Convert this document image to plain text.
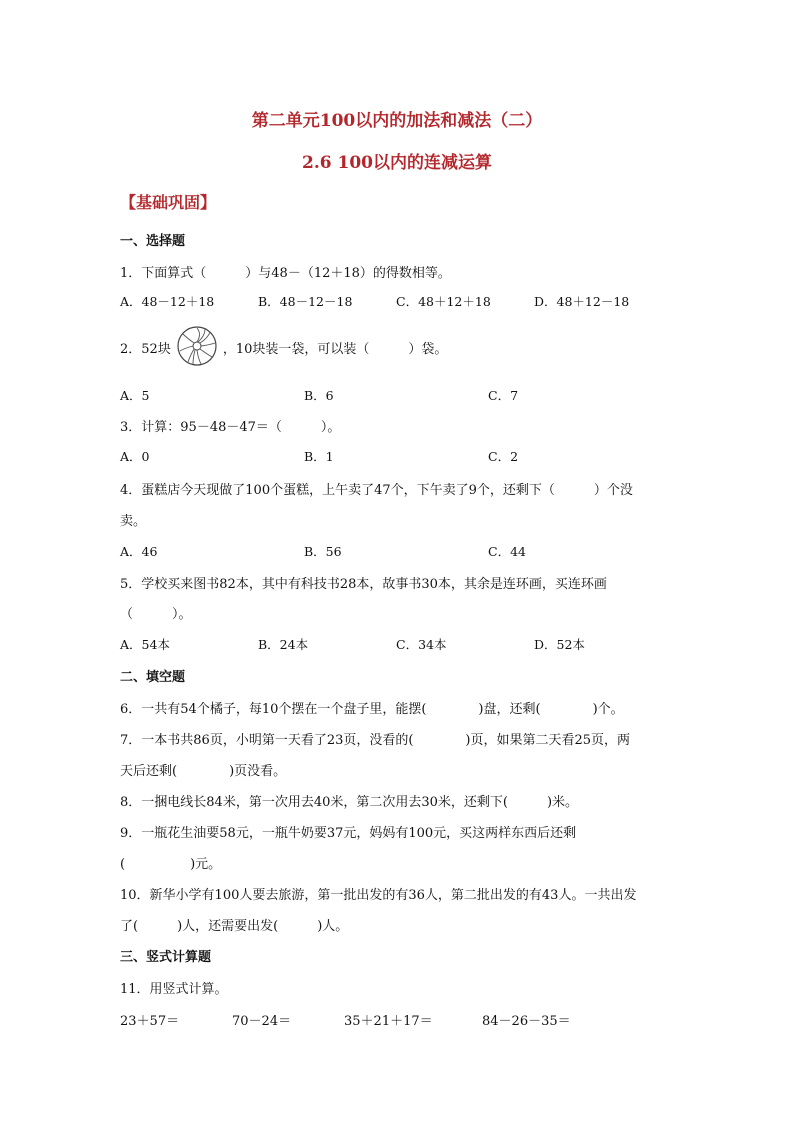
第二单元100以内的加法和减法（二）
2.6 100以内的连减运算
【基础巩固】
一、选择题
1．下面算式（　　　）与48－（12＋18）的得数相等。
A．48－12＋18	B．48－12－18	C．48＋12＋18	D．48＋12－18
2．52块	，10块装一袋，可以装（　　　）袋。
A．5	B．6	C．7
3．计算：95－48－47＝（　　　）。
A．0	B．1	C．2
4．蛋糕店今天现做了100个蛋糕，上午卖了47个，下午卖了9个，还剩下（　　　）个没
卖。
A．46	B．56	C．44
5．学校买来图书82本，其中有科技书28本，故事书30本，其余是连环画，买连环画
（　　　）。
A．54本	B．24本	C．34本	D．52本
二、填空题
6．一共有54个橘子，每10个摆在一个盘子里，能摆(　　　　)盘，还剩(　　　　)个。
7．一本书共86页，小明第一天看了23页，没看的(　　　　)页，如果第二天看25页，两
天后还剩(　　　　)页没看。
8．一捆电线长84米，第一次用去40米，第二次用去30米，还剩下(　　　)米。
9．一瓶花生油要58元，一瓶牛奶要37元，妈妈有100元，买这两样东西后还剩
(　　　　　)元。
10．新华小学有100人要去旅游，第一批出发的有36人，第二批出发的有43人。一共出发
了(　　　)人，还需要出发(　　　)人。
三、竖式计算题
11．用竖式计算。
23＋57＝	70－24＝	35＋21＋17＝	84－26－35＝
